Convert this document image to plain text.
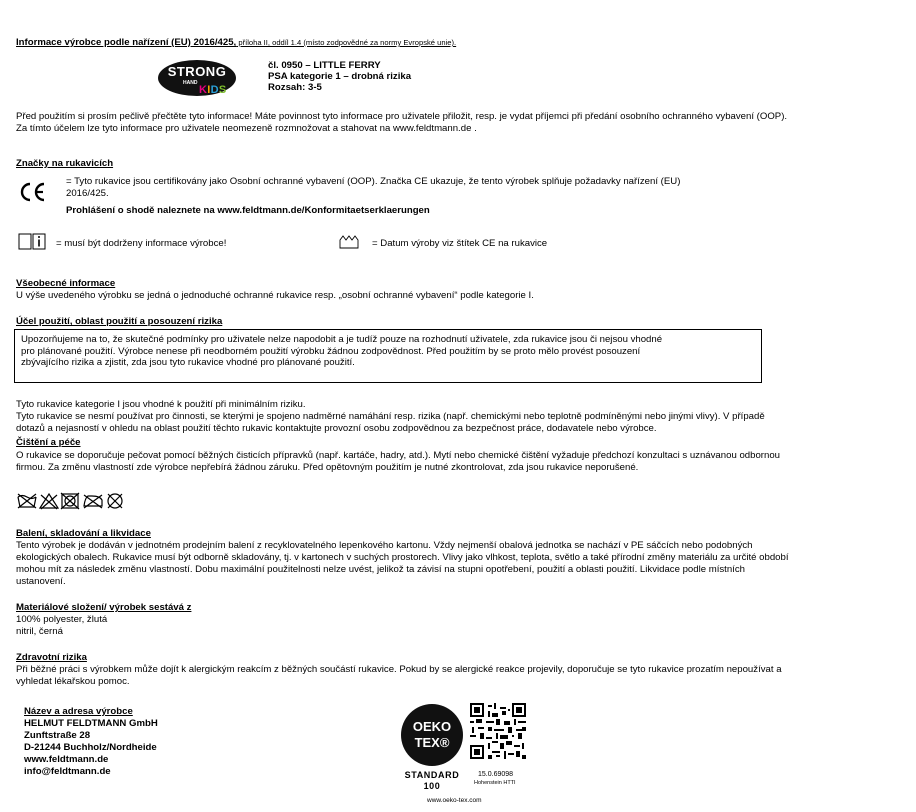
Informace výrobce podle nařízení (EU) 2016/425, příloha II, oddíl 1.4 (místo zodpovědné za normy Evropské unie).
STRONG
HAND
KIDS
čl. 0950 – LITTLE FERRY
PSA kategorie 1 – drobná rizika
Rozsah: 3-5
Před použitím si prosím pečlivě přečtěte tyto informace! Máte povinnost tyto informace pro uživatele přiložit, resp. je vydat příjemci při předání osobního ochranného vybavení (OOP).
Za tímto účelem lze tyto informace pro uživatele neomezeně rozmnožovat a stahovat na www.feldtmann.de .
Značky na rukavicích
= Tyto rukavice jsou certifikovány jako Osobní ochranné vybavení (OOP). Značka CE ukazuje, že tento výrobek splňuje požadavky nařízení (EU)
2016/425.
Prohlášení o shodě naleznete na www.feldtmann.de/Konformitaetserklaerungen
= musí být dodrženy informace výrobce!	= Datum výroby viz štítek CE na rukavice
Všeobecné informace
U výše uvedeného výrobku se jedná o jednoduché ochranné rukavice resp. „osobní ochranné vybavení“ podle kategorie I.
Účel použití, oblast použití a posouzení rizika
Upozorňujeme na to, že skutečné podmínky pro uživatele nelze napodobit a je tudíž pouze na rozhodnutí uživatele, zda rukavice jsou či nejsou vhodné
pro plánované použití. Výrobce nenese při neodborném použití výrobku žádnou zodpovědnost. Před použitím by se proto mělo provést posouzení
zbývajícího rizika a zjistit, zda jsou tyto rukavice vhodné pro plánované použití.
Tyto rukavice kategorie I jsou vhodné k použití při minimálním riziku.
Tyto rukavice se nesmí používat pro činnosti, se kterými je spojeno nadměrné namáhání resp. rizika (např. chemickými nebo teplotně podmíněnými nebo jinými vlivy). V případě
dotazů a nejasností v ohledu na oblast použití těchto rukavic kontaktujte provozní osobu zodpovědnou za bezpečnost práce, dodavatele nebo výrobce.
Čištění a péče
O rukavice se doporučuje pečovat pomocí běžných čisticích přípravků (např. kartáče, hadry, atd.). Mytí nebo chemické čištění vyžaduje předchozí konzultaci s uznávanou odbornou
firmou. Za změnu vlastností zde výrobce nepřebírá žádnou záruku. Před opětovným použitím je nutné zkontrolovat, zda jsou rukavice neporušené.
Balení, skladování a likvidace
Tento výrobek je dodáván v jednotném prodejním balení z recyklovatelného lepenkového kartonu. Vždy nejmenší obalová jednotka se nachází v PE sáčcích nebo podobných
ekologických obalech. Rukavice musí být odborně skladovány, tj. v kartonech v suchých prostorech. Vlivy jako vlhkost, teplota, světlo a také přírodní změny materiálu za určité období
mohou mít za následek změnu vlastností. Dobu maximální použitelnosti nelze uvést, jelikož ta závisí na stupni opotřebení, použití a oblasti použití. Likvidace podle místních
ustanovení.
Materiálové složení/ výrobek sestává z
100% polyester, žlutá
nitril, černá
Zdravotní rizika
Při běžné práci s výrobkem může dojít k alergickým reakcím z běžných součástí rukavice. Pokud by se alergické reakce projevily, doporučuje se tyto rukavice prozatím nepoužívat a
vyhledat lékařskou pomoc.
Název a adresa výrobce
HELMUT FELDTMANN GmbH
Zunftstraße 28
D-21244 Buchholz/Nordheide
www.feldtmann.de
info@feldtmann.de
OEKO
TEX®
STANDARD
100
15.0.69098
Hohenstein HTTI
www.oeko-tex.com
